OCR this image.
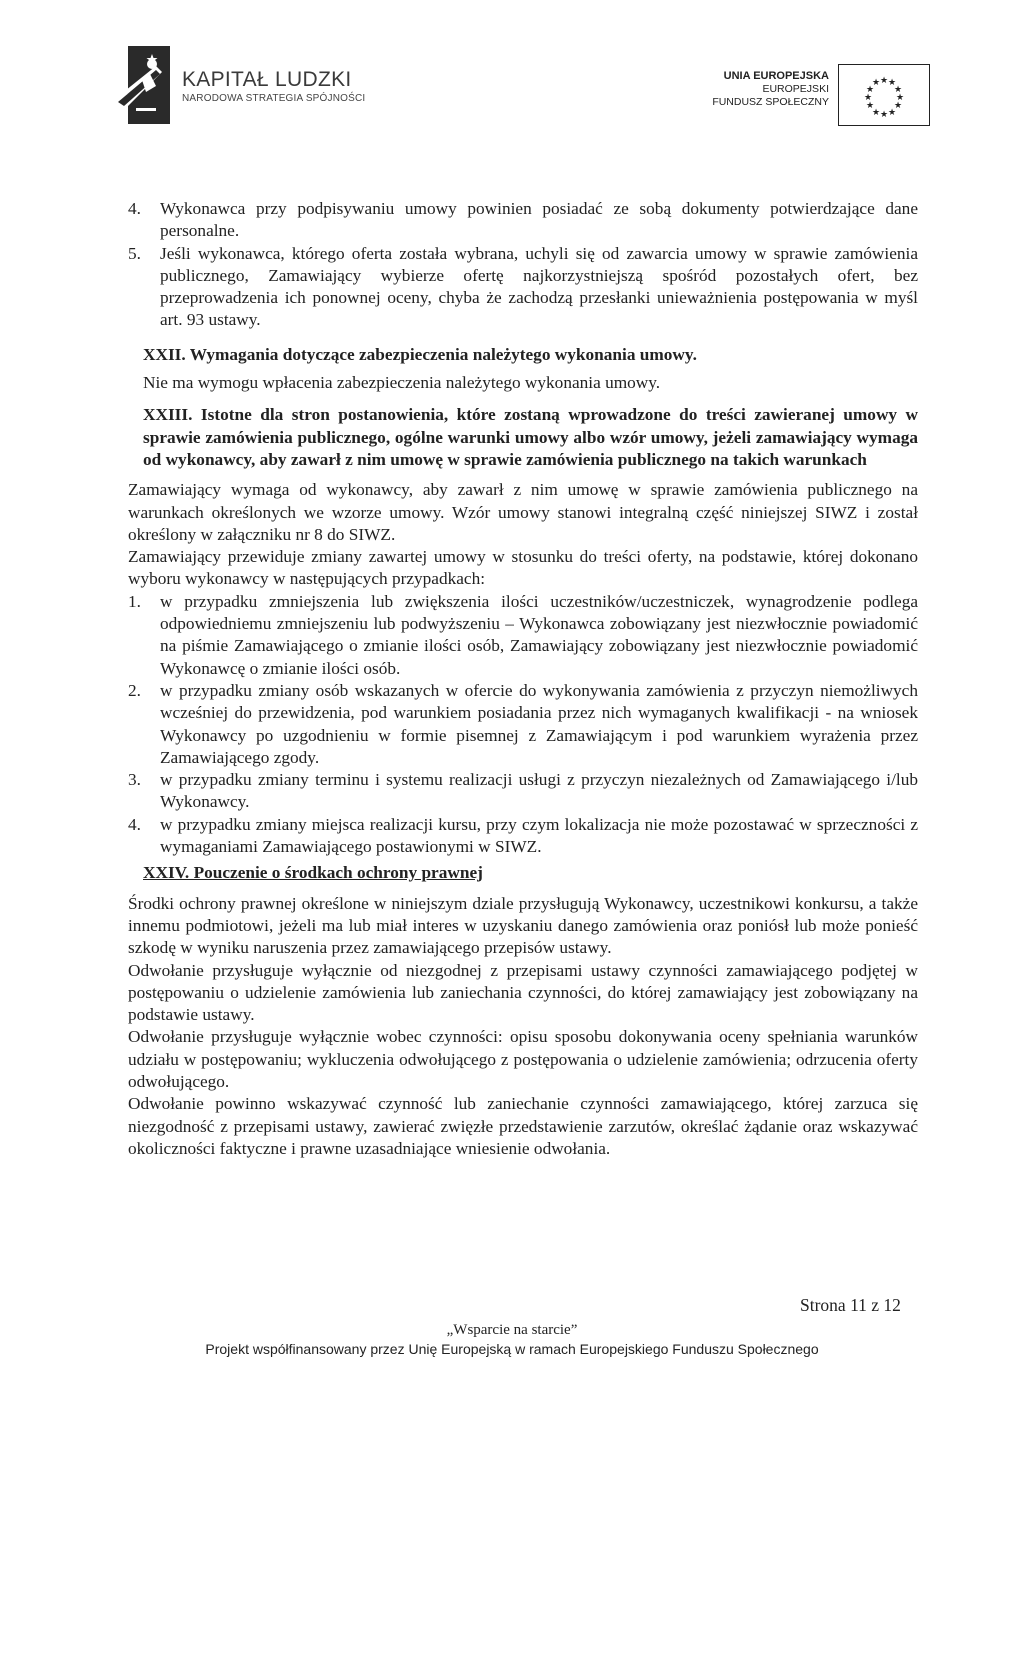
KAPITAŁ LUDZKI
NARODOWA STRATEGIA SPÓJNOŚCI
UNIA EUROPEJSKA
EUROPEJSKI
FUNDUSZ SPOŁECZNY
★ ★
★
★
★
★
★
★
★
★
★ ★
4. Wykonawca przy podpisywaniu umowy powinien posiadać ze sobą dokumenty potwierdzające dane personalne.
5. Jeśli wykonawca, którego oferta została wybrana, uchyli się od zawarcia umowy w sprawie zamówienia publicznego, Zamawiający wybierze ofertę najkorzystniejszą spośród pozostałych ofert, bez przeprowadzenia ich ponownej oceny, chyba że zachodzą przesłanki unieważnienia postępowania w myśl art. 93 ustawy.
XXII. Wymagania dotyczące zabezpieczenia należytego wykonania umowy.
Nie ma wymogu wpłacenia zabezpieczenia należytego wykonania umowy.
XXIII. Istotne dla stron postanowienia, które zostaną wprowadzone do treści zawieranej umowy w sprawie zamówienia publicznego, ogólne warunki umowy albo wzór umowy, jeżeli zamawiający wymaga od wykonawcy, aby zawarł z nim umowę w sprawie zamówienia publicznego na takich warunkach
Zamawiający wymaga od wykonawcy, aby zawarł z nim umowę w sprawie zamówienia publicznego na warunkach określonych we wzorze umowy. Wzór umowy stanowi integralną część niniejszej SIWZ i został określony w załączniku nr 8 do SIWZ.
Zamawiający przewiduje zmiany zawartej umowy w stosunku do treści oferty, na podstawie, której dokonano wyboru wykonawcy w następujących przypadkach:
1. w przypadku zmniejszenia lub zwiększenia ilości uczestników/uczestniczek, wynagrodzenie podlega odpowiedniemu zmniejszeniu lub podwyższeniu – Wykonawca zobowiązany jest niezwłocznie powiadomić na piśmie Zamawiającego o zmianie ilości osób, Zamawiający zobowiązany jest niezwłocznie powiadomić Wykonawcę o zmianie ilości osób.
2. w przypadku zmiany osób wskazanych w ofercie do wykonywania zamówienia z przyczyn niemożliwych wcześniej do przewidzenia, pod warunkiem posiadania przez nich wymaganych kwalifikacji - na wniosek Wykonawcy po uzgodnieniu w formie pisemnej z Zamawiającym i pod warunkiem wyrażenia przez Zamawiającego zgody.
3. w przypadku zmiany terminu i systemu realizacji usługi z przyczyn niezależnych od Zamawiającego i/lub Wykonawcy.
4. w przypadku zmiany miejsca realizacji kursu, przy czym lokalizacja nie może pozostawać w sprzeczności z wymaganiami Zamawiającego postawionymi w SIWZ.
XXIV. Pouczenie o środkach ochrony prawnej
Środki ochrony prawnej określone w niniejszym dziale przysługują Wykonawcy, uczestnikowi konkursu, a także innemu podmiotowi, jeżeli ma lub miał interes w uzyskaniu danego zamówienia oraz poniósł lub może ponieść szkodę w wyniku naruszenia przez zamawiającego przepisów ustawy.
Odwołanie przysługuje wyłącznie od niezgodnej z przepisami ustawy czynności zamawiającego podjętej w postępowaniu o udzielenie zamówienia lub zaniechania czynności, do której zamawiający jest zobowiązany na podstawie ustawy.
Odwołanie przysługuje wyłącznie wobec czynności: opisu sposobu dokonywania oceny spełniania warunków udziału w postępowaniu; wykluczenia odwołującego z postępowania o udzielenie zamówienia; odrzucenia oferty odwołującego.
Odwołanie powinno wskazywać czynność lub zaniechanie czynności zamawiającego, której zarzuca się niezgodność z przepisami ustawy, zawierać zwięzłe przedstawienie zarzutów, określać żądanie oraz wskazywać okoliczności faktyczne i prawne uzasadniające wniesienie odwołania.
Strona 11 z 12
„Wsparcie na starcie”
Projekt współfinansowany przez Unię Europejską w ramach Europejskiego Funduszu Społecznego
